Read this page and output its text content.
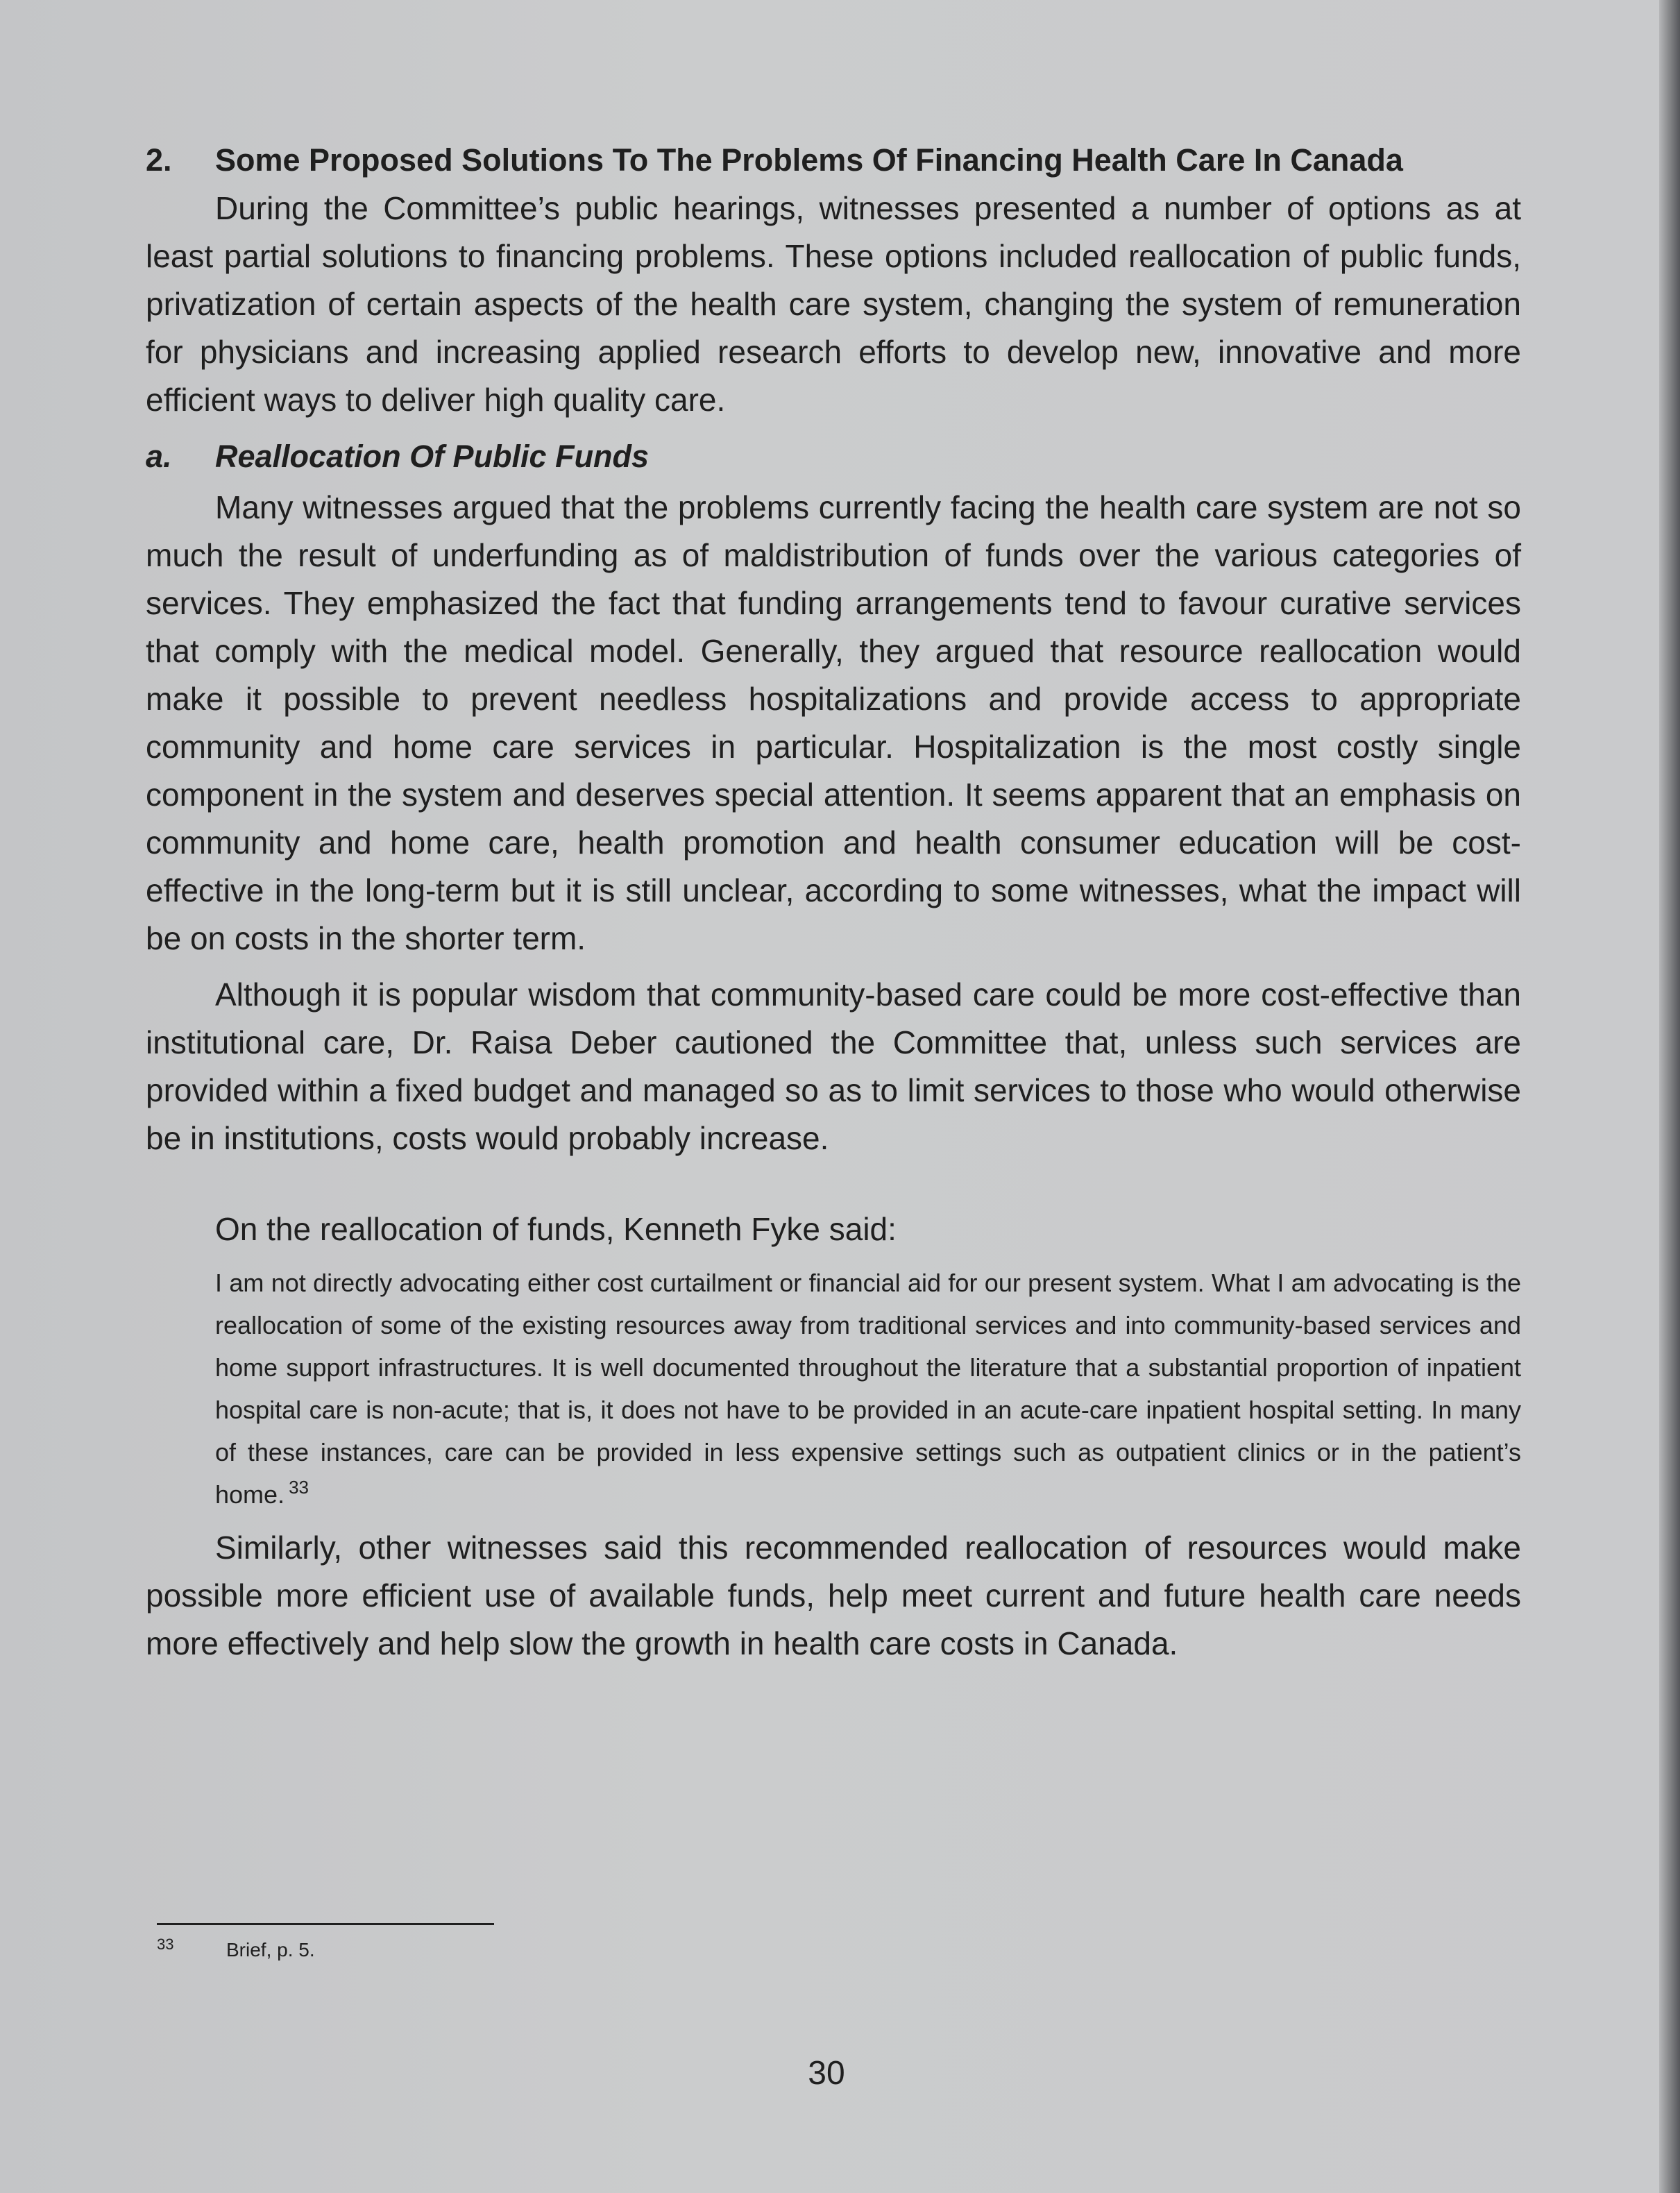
2.	Some Proposed Solutions To The Problems Of Financing Health Care In Canada

During the Committee’s public hearings, witnesses presented a number of options as at least partial solutions to financing problems. These options included reallocation of public funds, privatization of certain aspects of the health care system, changing the system of remuneration for physicians and increasing applied research efforts to develop new, innovative and more efficient ways to deliver high quality care.

a.	Reallocation Of Public Funds

Many witnesses argued that the problems currently facing the health care system are not so much the result of underfunding as of maldistribution of funds over the various categories of services. They emphasized the fact that funding arrangements tend to favour curative services that comply with the medical model. Generally, they argued that resource reallocation would make it possible to prevent needless hospitalizations and provide access to appropriate community and home care services in particular. Hospitalization is the most costly single component in the system and deserves special attention. It seems apparent that an emphasis on community and home care, health promotion and health consumer education will be cost-effective in the long-term but it is still unclear, according to some witnesses, what the impact will be on costs in the shorter term.

Although it is popular wisdom that community-based care could be more cost-effective than institutional care, Dr. Raisa Deber cautioned the Committee that, unless such services are provided within a fixed budget and managed so as to limit services to those who would otherwise be in institutions, costs would probably increase.

On the reallocation of funds, Kenneth Fyke said:

I am not directly advocating either cost curtailment or financial aid for our present system. What I am advocating is the reallocation of some of the existing resources away from traditional services and into community-based services and home support infrastructures. It is well documented throughout the literature that a substantial proportion of inpatient hospital care is non-acute; that is, it does not have to be provided in an acute-care inpatient hospital setting. In many of these instances, care can be provided in less expensive settings such as outpatient clinics or in the patient’s home. $^{33}$

Similarly, other witnesses said this recommended reallocation of resources would make possible more efficient use of available funds, help meet current and future health care needs more effectively and help slow the growth in health care costs in Canada.

33	Brief, p. 5.
30
